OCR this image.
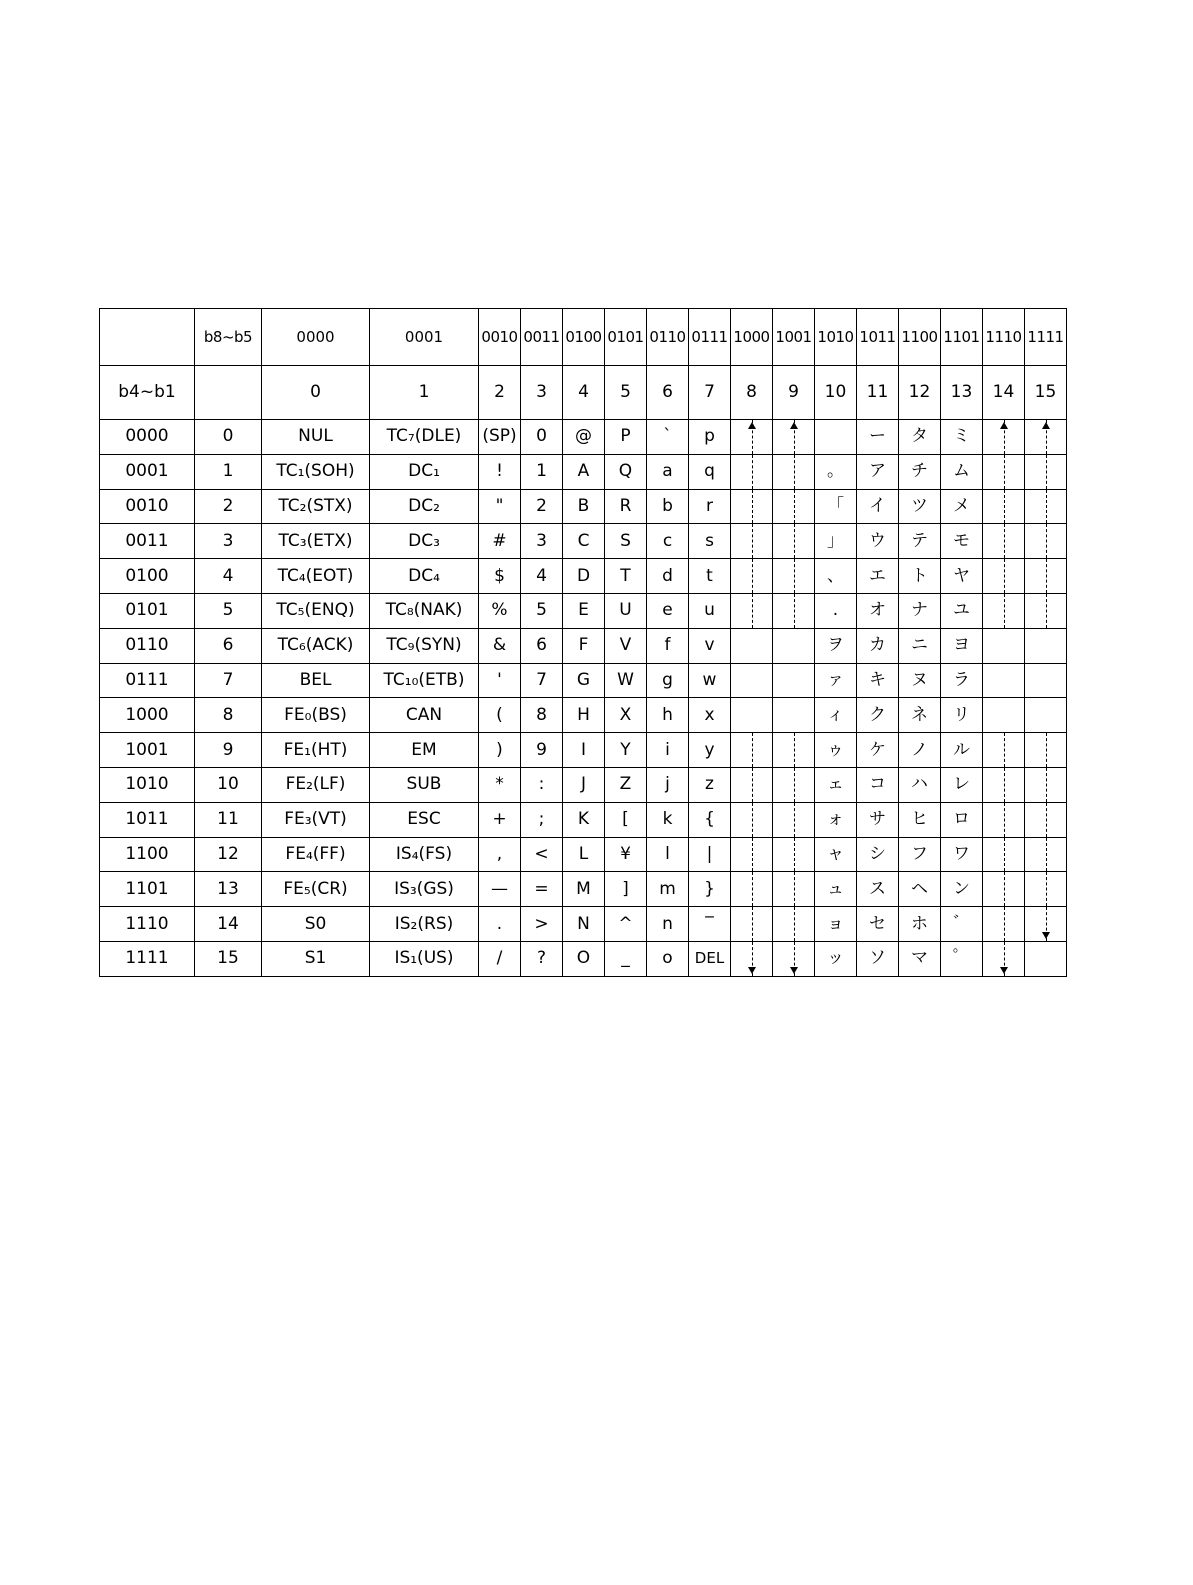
	b8~b5	0000	0001	0010	0011	0100	0101	0110	0111	1000	1001	1010	1011	1100	1101	1110	1111
b4~b1		0	1	2	3	4	5	6	7	8	9	10	11	12	13	14	15
0000	0	NUL	TC₇(DLE)	(SP)	0	@	P	`	p				ー	タ	ミ	

0001	1	TC₁(SOH)	DC₁	!	1	A	Q	a	q			。	ア	チ	ム	

0010	2	TC₂(STX)	DC₂	"	2	B	R	b	r			「	イ	ツ	メ	

0011	3	TC₃(ETX)	DC₃	#	3	C	S	c	s			」	ウ	テ	モ	

0100	4	TC₄(EOT)	DC₄	$	4	D	T	d	t			、	エ	ト	ヤ	

0101	5	TC₅(ENQ)	TC₈(NAK)	%	5	E	U	e	u			.	オ	ナ	ユ	

0110	6	TC₆(ACK)	TC₉(SYN)	&	6	F	V	f	v			ヲ	カ	ニ	ヨ		
0111	7	BEL	TC₁₀(ETB)	'	7	G	W	g	w			ァ	キ	ヌ	ラ		
1000	8	FE₀(BS)	CAN	(	8	H	X	h	x			ィ	ク	ネ	リ		
1001	9	FE₁(HT)	EM	)	9	I	Y	i	y			ゥ	ケ	ノ	ル	

1010	10	FE₂(LF)	SUB	*	:	J	Z	j	z			ェ	コ	ハ	レ	

1011	11	FE₃(VT)	ESC	+	;	K	[	k	{			ォ	サ	ヒ	ロ	

1100	12	FE₄(FF)	IS₄(FS)	,	<	L	¥	l	|			ャ	シ	フ	ワ	

1101	13	FE₅(CR)	IS₃(GS)	—	=	M	]	m	}			ュ	ス	ヘ	ン	

1110	14	S0	IS₂(RS)	.	>	N	^	n	‾			ョ	セ	ホ	゛	

1111	15	S1	IS₁(US)	/	?	O	_	o	DEL			ッ	ソ	マ	゜	
